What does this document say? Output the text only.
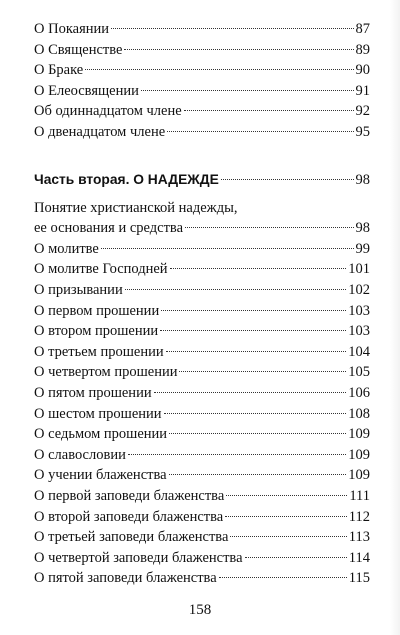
О Покаянии	87
О Священстве	89
О Браке	90
О Елеосвящении	91
Об одиннадцатом члене	92
О двенадцатом члене	95
Часть вторая. О НАДЕЖДЕ	98
Понятие христианской надежды,
ее основания и средства	98
О молитве	99
О молитве Господней	101
О призывании	102
О первом прошении	103
О втором прошении	103
О третьем прошении	104
О четвертом прошении	105
О пятом прошении	106
О шестом прошении	108
О седьмом прошении	109
О славословии	109
О учении блаженства	109
О первой заповеди блаженства	111
О второй заповеди блаженства	112
О третьей заповеди блаженства	113
О четвертой заповеди блаженства	114
О пятой заповеди блаженства	115
158
